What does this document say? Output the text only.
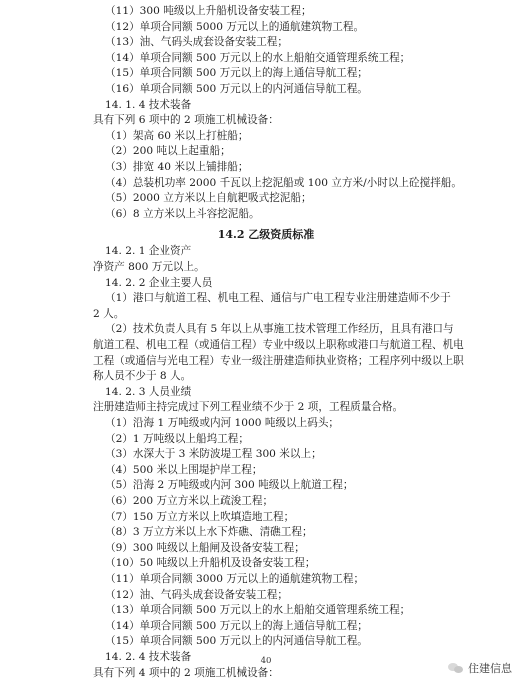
（11）300 吨级以上升船机设备安装工程；
（12）单项合同额 5000 万元以上的通航建筑物工程。
（13）油、气码头成套设备安装工程；
（14）单项合同额 500 万元以上的水上船舶交通管理系统工程；
（15）单项合同额 500 万元以上的海上通信导航工程；
（16）单项合同额 500 万元以上的内河通信导航工程。
14. 1. 4 技术装备
具有下列 6 项中的 2 项施工机械设备：
（1）架高 60 米以上打桩船；
（2）200 吨以上起重船；
（3）排宽 40 米以上铺排船；
（4）总装机功率 2000 千瓦以上挖泥船或 100 立方米/小时以上砼搅拌船。
（5）2000 立方米以上自航耙吸式挖泥船；
（6）8 立方米以上斗容挖泥船。
14.2 乙级资质标准
14. 2. 1 企业资产
净资产 800 万元以上。
14. 2. 2 企业主要人员
（1）港口与航道工程、机电工程、通信与广电工程专业注册建造师不少于
2 人。
（2）技术负责人具有 5 年以上从事施工技术管理工作经历，且具有港口与
航道工程、机电工程（或通信工程）专业中级以上职称或港口与航道工程、机电
工程（或通信与光电工程）专业一级注册建造师执业资格；工程序列中级以上职
称人员不少于 8 人。
14. 2. 3 人员业绩
注册建造师主持完成过下列工程业绩不少于 2 项，工程质量合格。
（1）沿海 1 万吨级或内河 1000 吨级以上码头；
（2）1 万吨级以上船坞工程；
（3）水深大于 3 米防波堤工程 300 米以上；
（4）500 米以上围堤护岸工程；
（5）沿海 2 万吨级或内河 300 吨级以上航道工程；
（6）200 万立方米以上疏浚工程；
（7）150 万立方米以上吹填造地工程；
（8）3 万立方米以上水下炸礁、清礁工程；
（9）300 吨级以上船闸及设备安装工程；
（10）50 吨级以上升船机及设备安装工程；
（11）单项合同额 3000 万元以上的通航建筑物工程；
40
住建信息
（12）油、气码头成套设备安装工程；
（13）单项合同额 500 万元以上的水上船舶交通管理系统工程；
（14）单项合同额 500 万元以上的海上通信导航工程；
（15）单项合同额 500 万元以上的内河通信导航工程。
14. 2. 4 技术装备
具有下列 4 项中的 2 项施工机械设备：
